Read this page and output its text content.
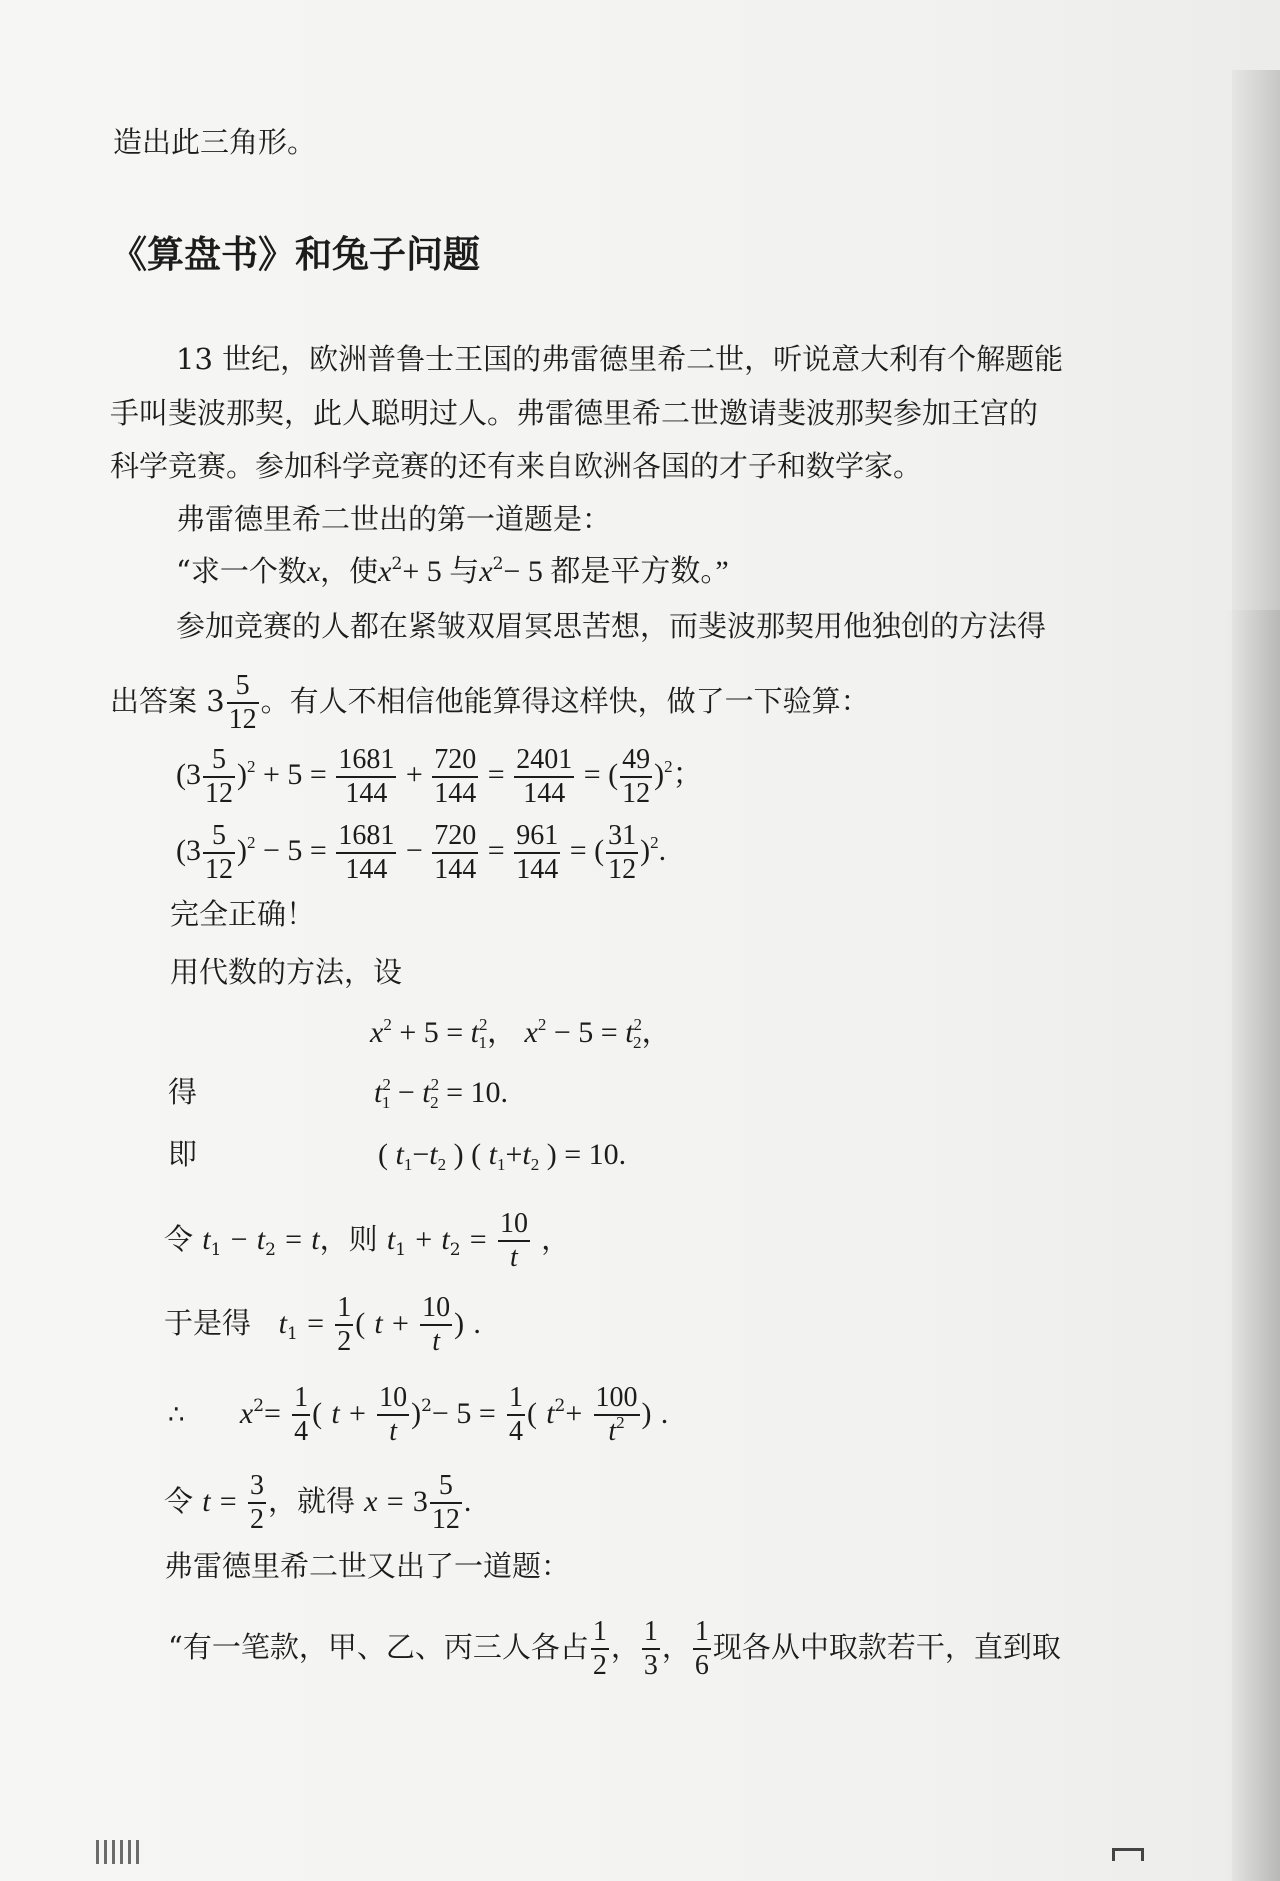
造出此三角形。
《算盘书》和兔子问题
13 世纪，欧洲普鲁士王国的弗雷德里希二世，听说意大利有个解题能
手叫斐波那契，此人聪明过人。弗雷德里希二世邀请斐波那契参加王宫的
科学竞赛。参加科学竞赛的还有来自欧洲各国的才子和数学家。
弗雷德里希二世出的第一道题是：
“求一个数x，使$x^2+ 5$ 与$x^2- 5$ 都是平方数。”
参加竞赛的人都在紧皱双眉冥思苦想，而斐波那契用他独创的方法得
出答案 $3 \frac{5}{12}$ 。有人不相信他能算得这样快，做了一下验算：
$(3 \frac{5}{12} )^2 + 5 = \frac{1681}{144} + \frac{720}{144} = \frac{2401}{144}$ = ( $\frac{49}{12} )^2$；
$(3 \frac{5}{12} )^2 - 5 = \frac{1681}{144} - \frac{720}{144} = \frac{961}{144}$ = ( $\frac{31}{12} )^2$.
完全正确！
用代数的方法，设
$x^2 + 5 = t^2_1$， $x^2 - 5 = t^2_2$，
得	$t^2_1 - t^2_2 = 10$.
即	( $t_1-t_2$ ) ( $t_1+t_2$ ) = 10.
令 $t_1 - t_2 = t$，则 $t_1 + t_2 = \frac{10}{t}$ ，
于是得 $t_1 = \frac{1}{2}$ ( $t + \frac{10}{t}$ ) .
∴ $x^2= \frac{1}{4}$ ( $t + \frac{10}{t} )^2- 5 = \frac{1}{4}$ ( $t^2+ \frac{100}{t^2}$ ) .
令 $t = \frac{3}{2}$ ，就得 $x = 3 \frac{5}{12}$ .
弗雷德里希二世又出了一道题：
“有一笔款，甲、乙、丙三人各占 $\frac{1}{2}$ ， $\frac{1}{3}$ ， $\frac{1}{6}$ 现各从中取款若干，直到取
